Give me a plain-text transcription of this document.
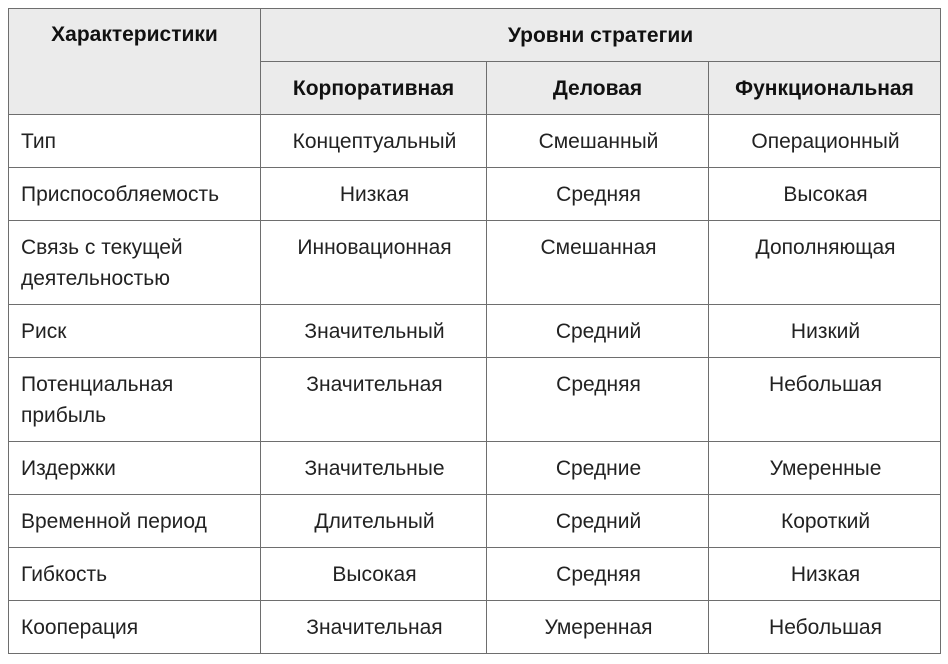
Характеристики	Уровни стратегии		
	Корпоративная	Деловая	Функциональная
Тип	Концептуальный	Смешанный	Операционный
Приспособляемость	Низкая	Средняя	Высокая
Связь с текущей деятельностью	Инновационная	Смешанная	Дополняющая
Риск	Значительный	Средний	Низкий
Потенциальная прибыль	Значительная	Средняя	Небольшая
Издержки	Значительные	Средние	Умеренные
Временной период	Длительный	Средний	Короткий
Гибкость	Высокая	Средняя	Низкая
Кооперация	Значительная	Умеренная	Небольшая
